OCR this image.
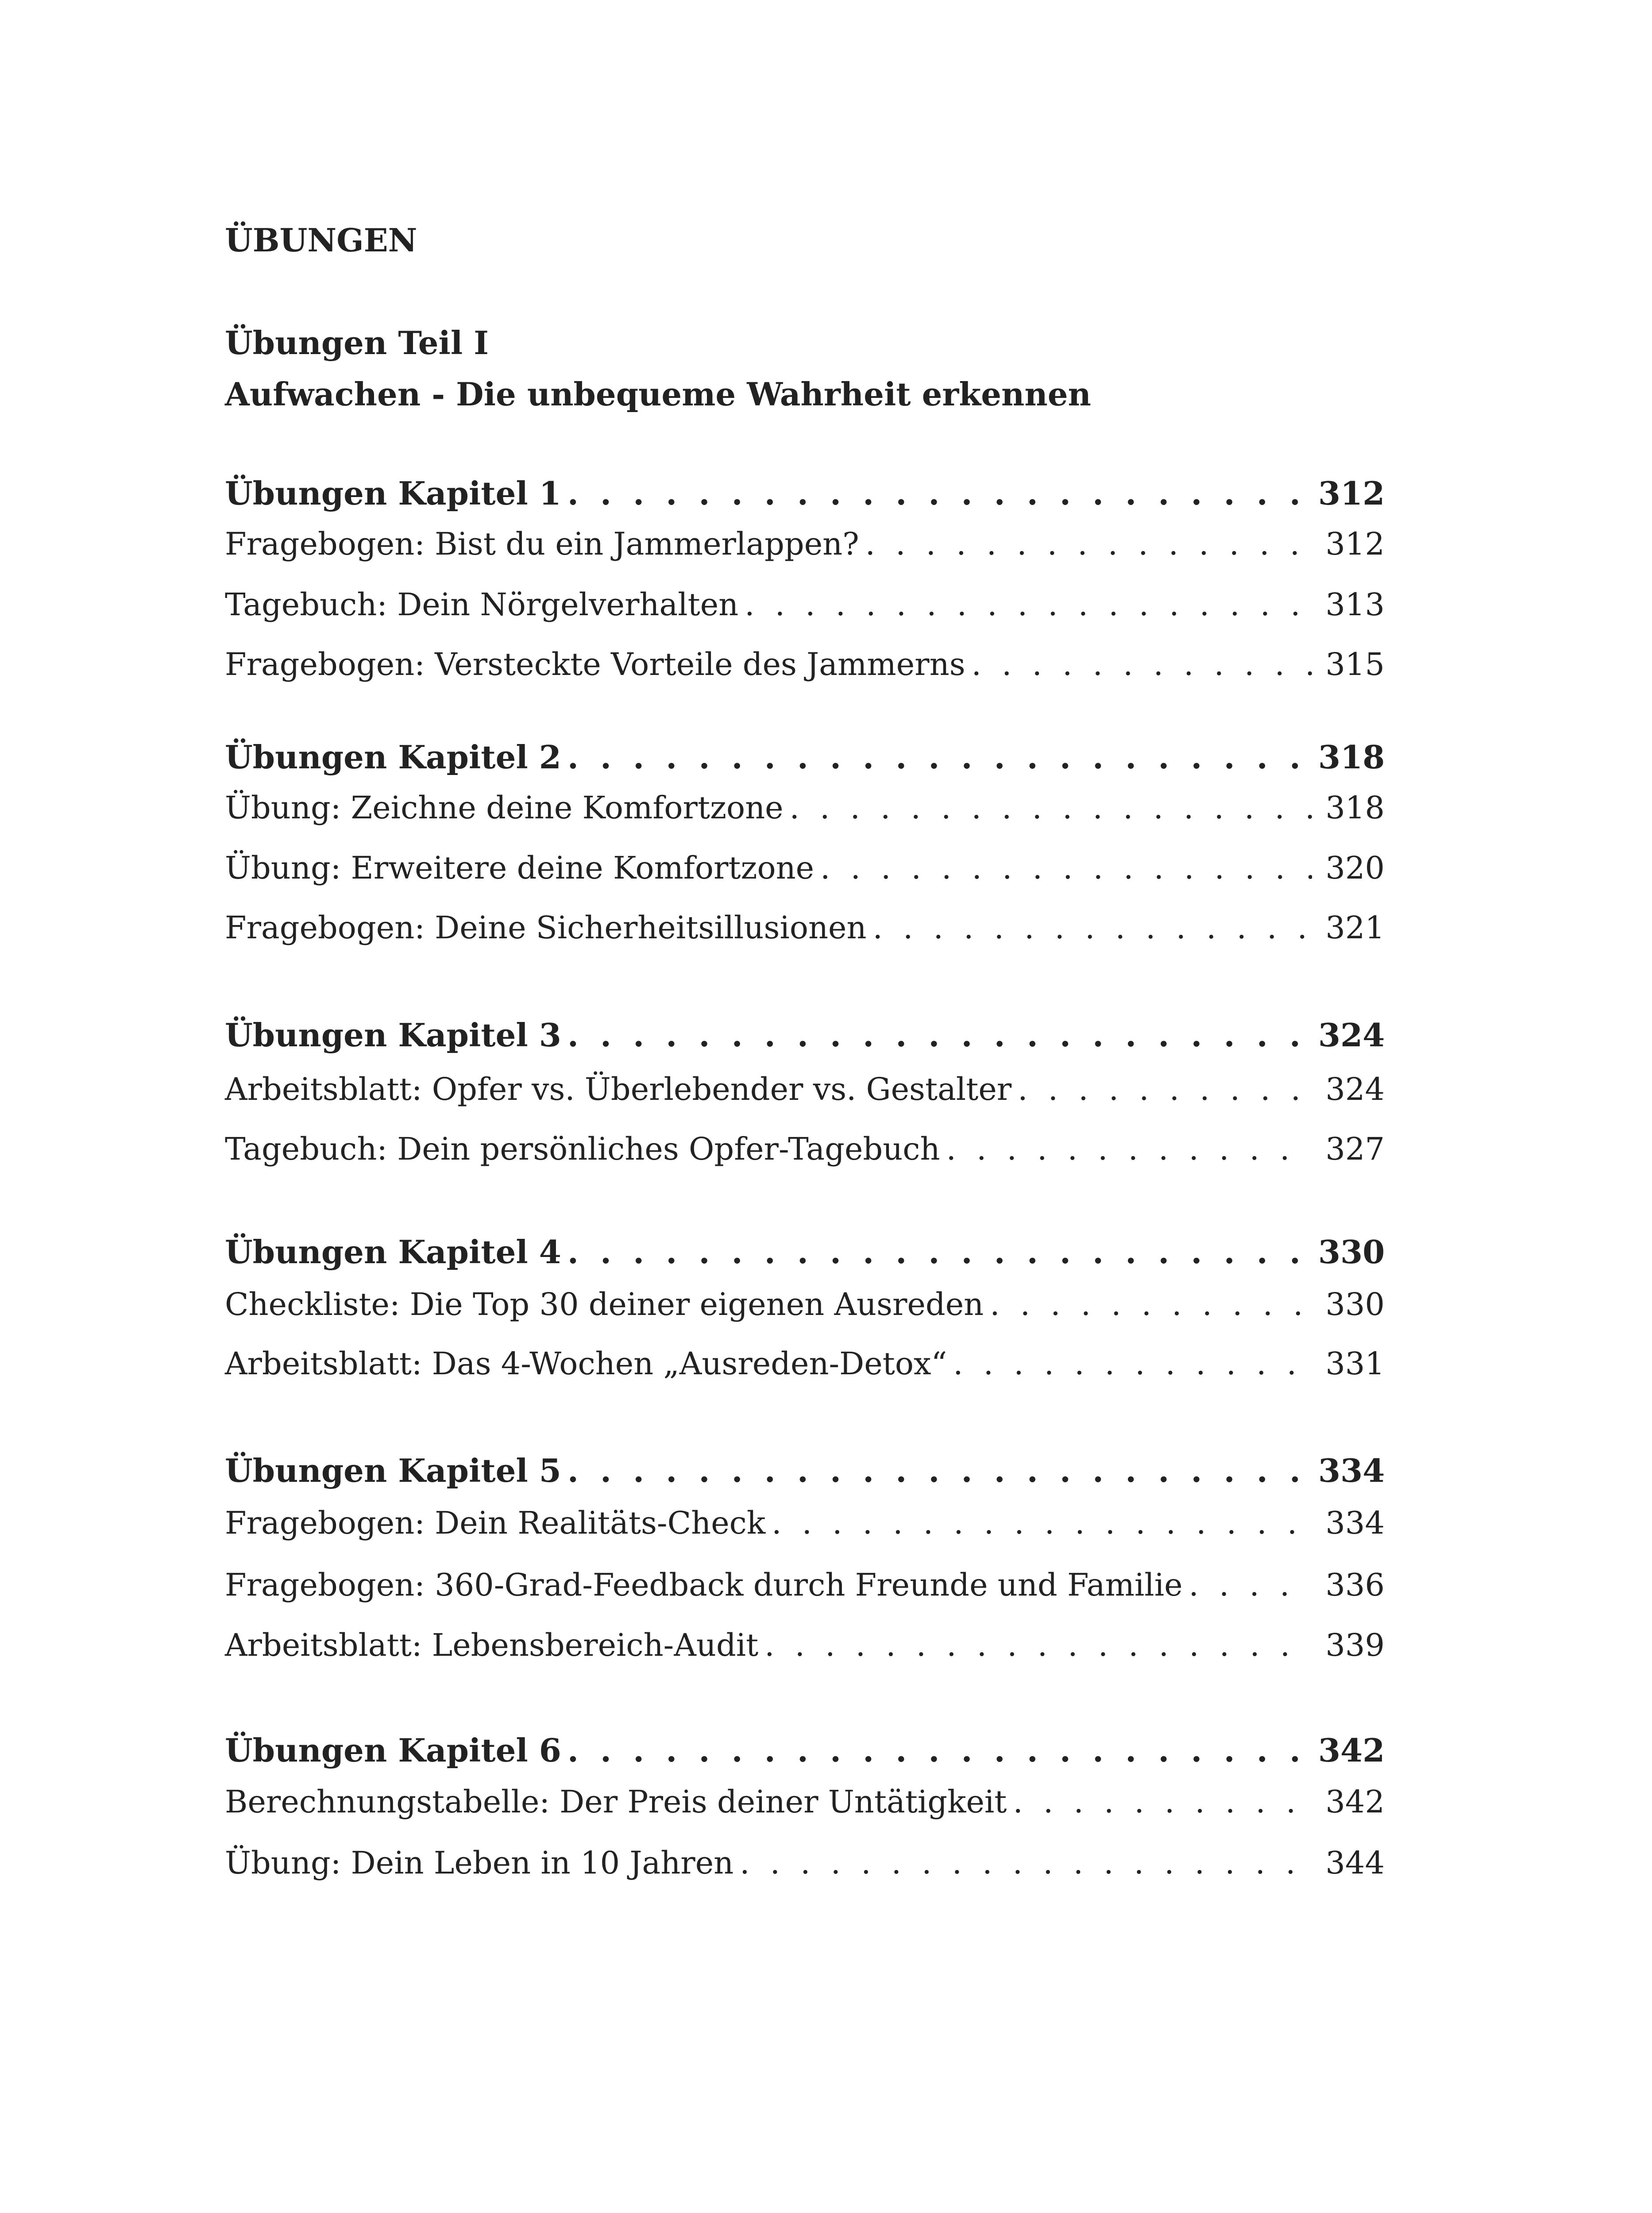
ÜBUNGEN
Übungen Teil I
Aufwachen - Die unbequeme Wahrheit erkennen
Übungen Kapitel 1 . . .	312
Fragebogen: Bist du ein Jammerlappen? . . .	312
Tagebuch: Dein Nörgelverhalten . . .	313
Fragebogen: Versteckte Vorteile des Jammerns . . .	315
Übungen Kapitel 2 . . .	318
Übung: Zeichne deine Komfortzone . . .	318
Übung: Erweitere deine Komfortzone . . .	320
Fragebogen: Deine Sicherheitsillusionen . . .	321
Übungen Kapitel 3 . . .	324
Arbeitsblatt: Opfer vs. Überlebender vs. Gestalter . . .	324
Tagebuch: Dein persönliches Opfer-Tagebuch . . .	327
Übungen Kapitel 4 . . .	330
Checkliste: Die Top 30 deiner eigenen Ausreden . . .	330
Arbeitsblatt: Das 4-Wochen „Ausreden-Detox“ . . .	331
Übungen Kapitel 5 . . .	334
Fragebogen: Dein Realitäts-Check . . .	334
Fragebogen: 360-Grad-Feedback durch Freunde und Familie . . .	336
Arbeitsblatt: Lebensbereich-Audit . . .	339
Übungen Kapitel 6 . . .	342
Berechnungstabelle: Der Preis deiner Untätigkeit . . .	342
Übung: Dein Leben in 10 Jahren . . .	344
